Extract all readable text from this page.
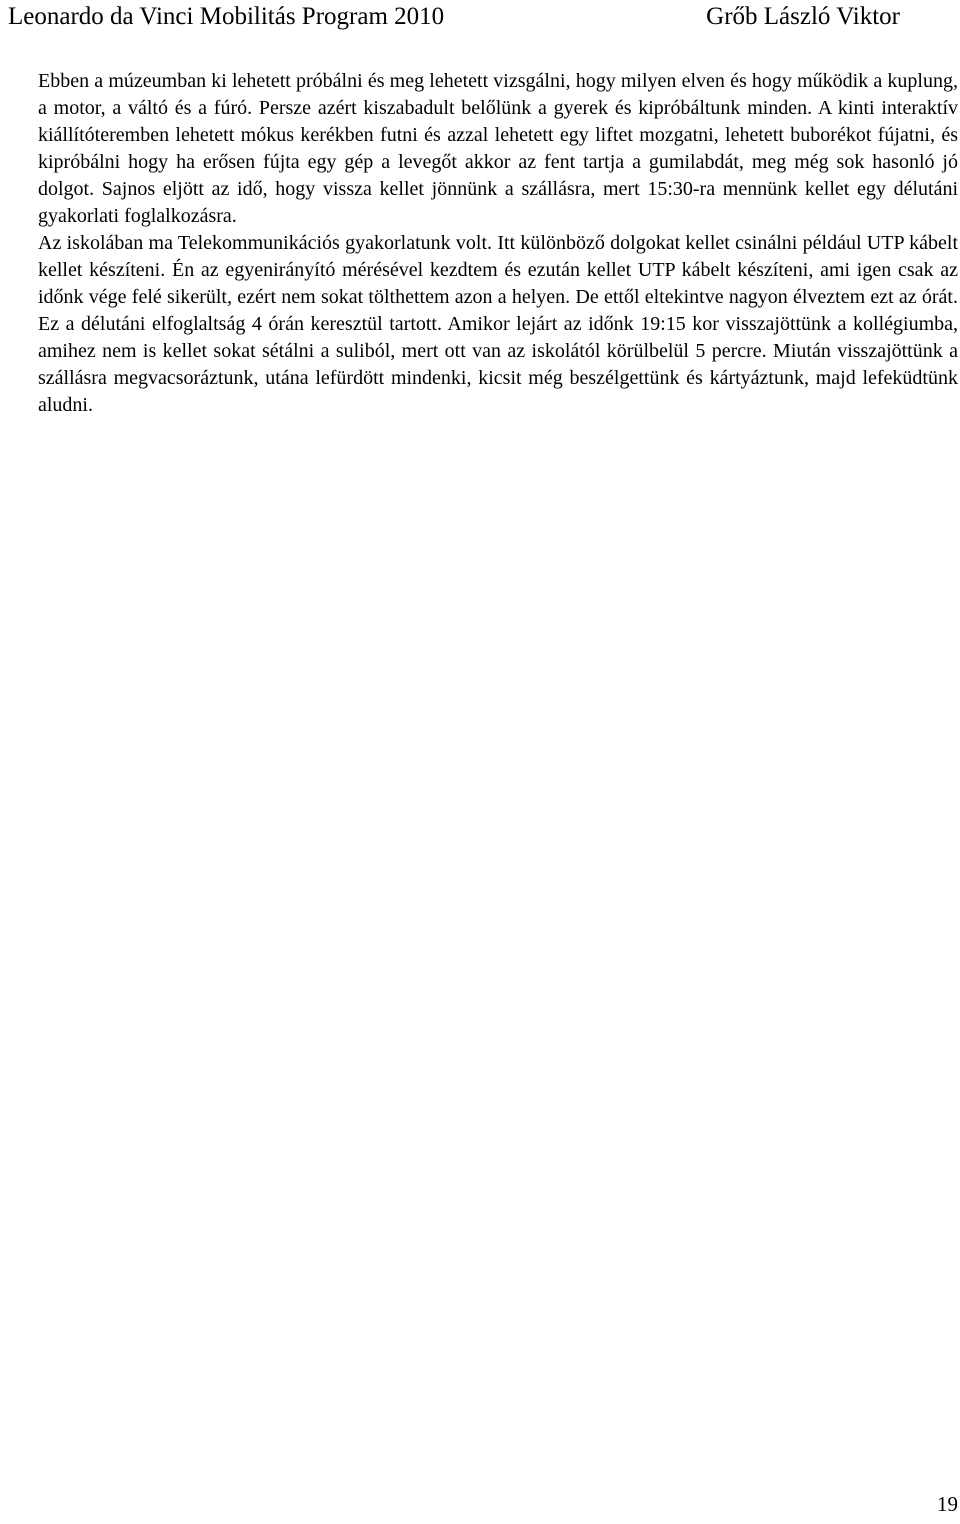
Leonardo da Vinci Mobilitás Program 2010	Grőb László Viktor

Ebben a múzeumban ki lehetett próbálni és meg lehetett vizsgálni, hogy milyen elven és hogy működik a kuplung, a motor, a váltó és a fúró. Persze azért kiszabadult belőlünk a gyerek és kipróbáltunk minden. A kinti interaktív kiállítóteremben lehetett mókus kerékben futni és azzal lehetett egy liftet mozgatni, lehetett buborékot fújatni, és kipróbálni hogy ha erősen fújta egy gép a levegőt akkor az fent tartja a gumilabdát, meg még sok hasonló jó dolgot. Sajnos eljött az idő, hogy vissza kellet jönnünk a szállásra, mert 15:30-ra mennünk kellet egy délutáni gyakorlati foglalkozásra.

Az iskolában ma Telekommunikációs gyakorlatunk volt. Itt különböző dolgokat kellet csinálni például UTP kábelt kellet készíteni. Én az egyenirányító mérésével kezdtem és ezután kellet UTP kábelt készíteni, ami igen csak az időnk vége felé sikerült, ezért nem sokat tölthettem azon a helyen. De ettől eltekintve nagyon élveztem ezt az órát. Ez a délutáni elfoglaltság 4 órán keresztül tartott. Amikor lejárt az időnk 19:15 kor visszajöttünk a kollégiumba, amihez nem is kellet sokat sétálni a suliból, mert ott van az iskolától körülbelül 5 percre. Miután visszajöttünk a szállásra megvacsoráztunk, utána lefürdött mindenki, kicsit még beszélgettünk és kártyáztunk, majd lefeküdtünk aludni.

19
